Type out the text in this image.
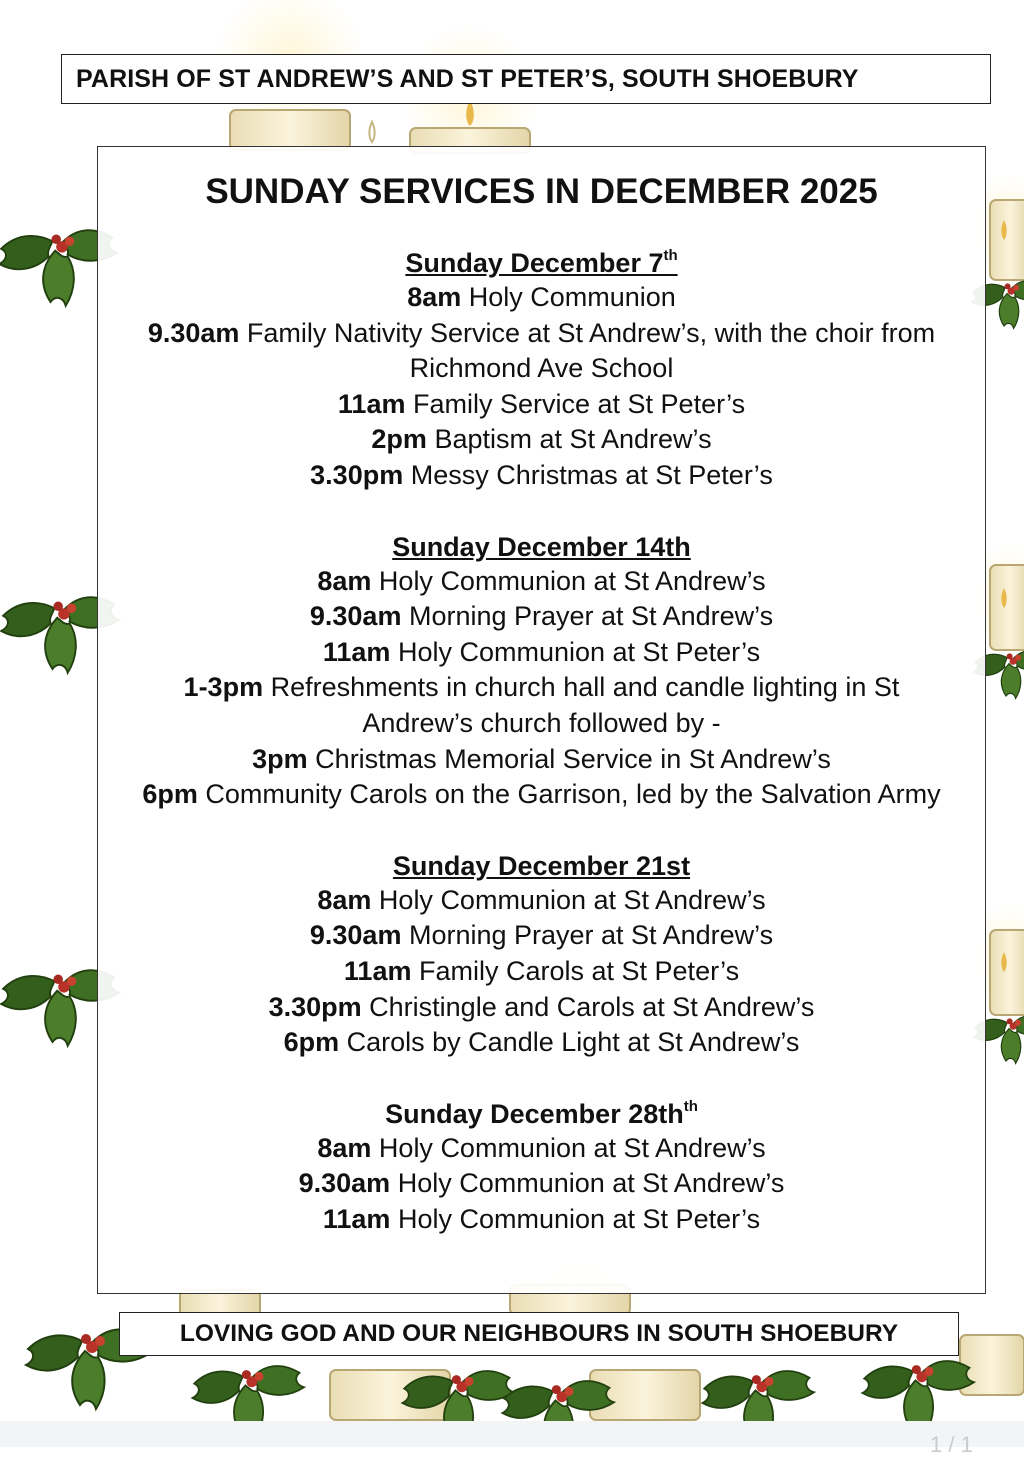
PARISH OF ST ANDREW’S AND ST PETER’S, SOUTH SHOEBURY
SUNDAY SERVICES IN DECEMBER 2025
Sunday December 7th
8am Holy Communion
9.30am Family Nativity Service at St Andrew’s, with the choir from Richmond Ave School
11am Family Service at St Peter’s
2pm Baptism at St Andrew’s
3.30pm Messy Christmas at St Peter’s
Sunday December 14th
8am Holy Communion at St Andrew’s
9.30am Morning Prayer at St Andrew’s
11am Holy Communion at St Peter’s
1-3pm Refreshments in church hall and candle lighting in St Andrew’s church followed by -
3pm Christmas Memorial Service in St Andrew’s
6pm Community Carols on the Garrison, led by the Salvation Army
Sunday December 21st
8am Holy Communion at St Andrew’s
9.30am Morning Prayer at St Andrew’s
11am Family Carols at St Peter’s
3.30pm Christingle and Carols at St Andrew’s
6pm Carols by Candle Light at St Andrew’s
Sunday December $28th^{th}$
8am Holy Communion at St Andrew’s
9.30am Holy Communion at St Andrew’s
11am Holy Communion at St Peter’s
LOVING GOD AND OUR NEIGHBOURS IN SOUTH SHOEBURY
1 / 1
